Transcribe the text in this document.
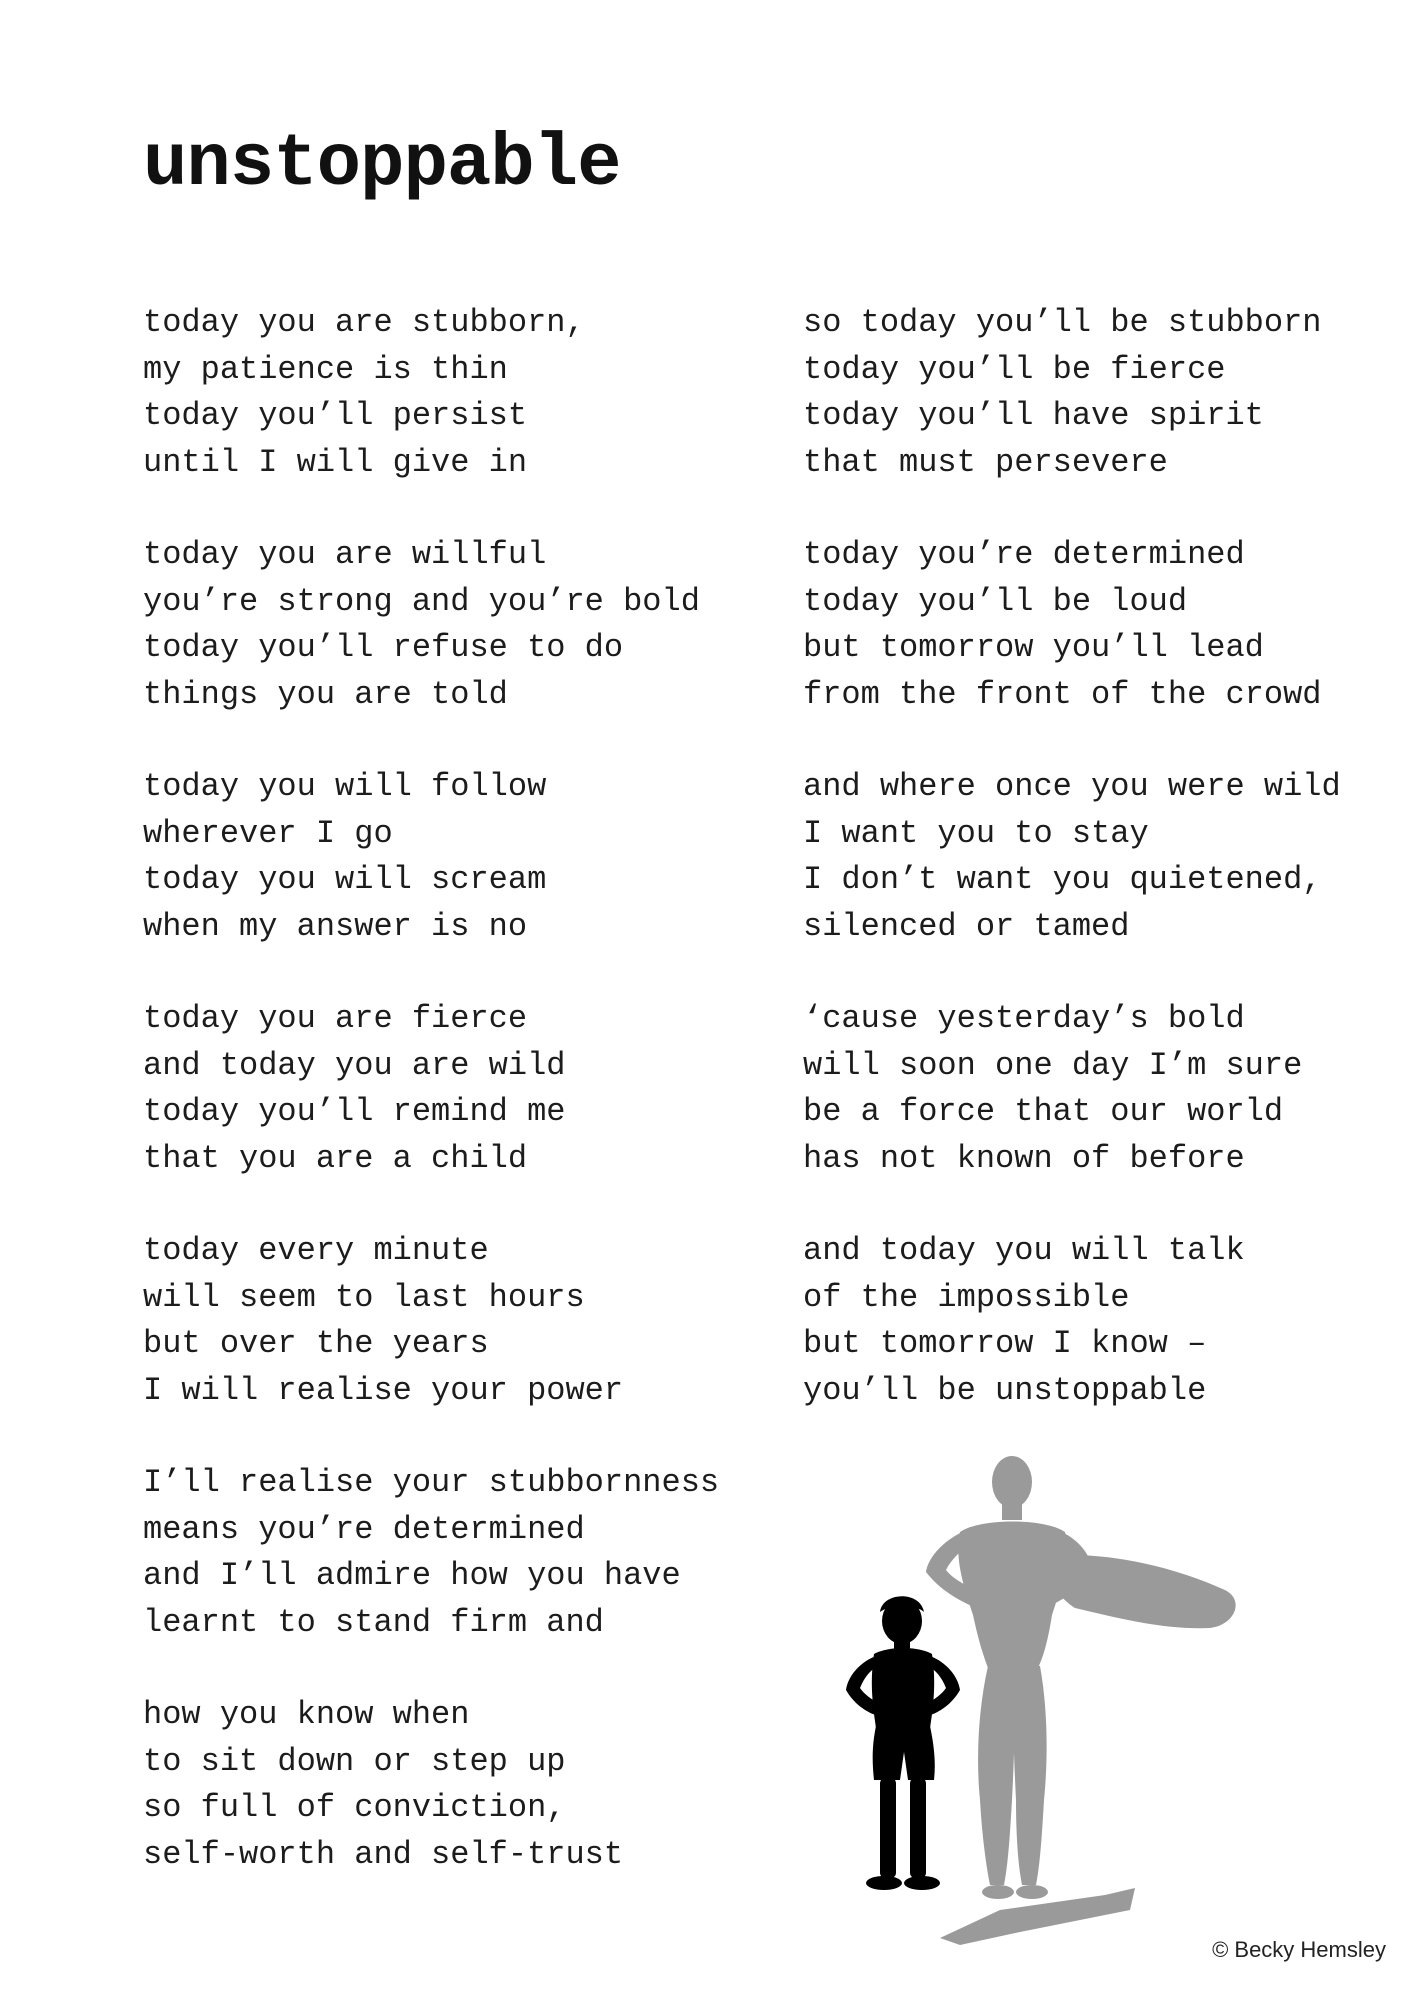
unstoppable
today you are stubborn,
my patience is thin
today you’ll persist
until I will give in
today you are willful
you’re strong and you’re bold
today you’ll refuse to do
things you are told
today you will follow
wherever I go
today you will scream
when my answer is no
today you are fierce
and today you are wild
today you’ll remind me
that you are a child
today every minute
will seem to last hours
but over the years
I will realise your power
I’ll realise your stubbornness
means you’re determined
and I’ll admire how you have
learnt to stand firm and
how you know when
to sit down or step up
so full of conviction,
self-worth and self-trust
so today you’ll be stubborn
today you’ll be fierce
today you’ll have spirit
that must persevere
today you’re determined
today you’ll be loud
but tomorrow you’ll lead
from the front of the crowd
and where once you were wild
I want you to stay
I don’t want you quietened,
silenced or tamed
‘cause yesterday’s bold
will soon one day I’m sure
be a force that our world
has not known of before
and today you will talk
of the impossible
but tomorrow I know –
you’ll be unstoppable

© Becky Hemsley
